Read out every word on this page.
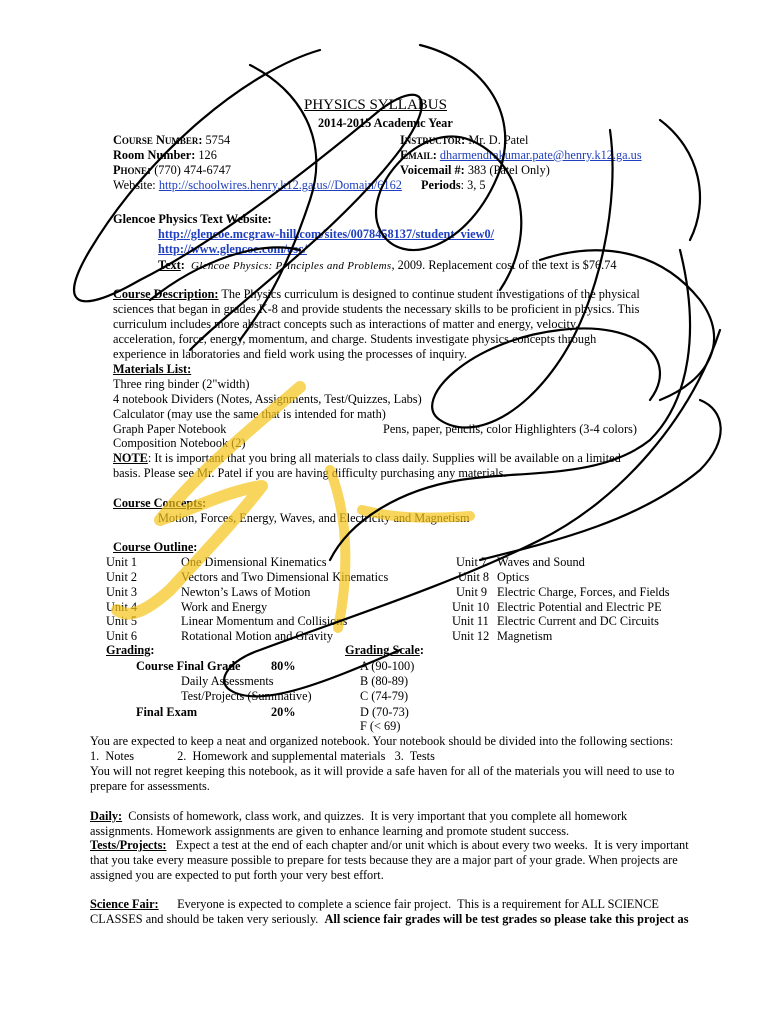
PHYSICS SYLLABUS
2014-2015 Academic Year
Course Number: 5754
Room Number: 126
Phone: (770) 474-6747
Website: http://schoolwires.henry.k12.ga.us//Domain/6162
Instructor: Mr. D. Patel
Email: dharmendrakumar.pate@henry.k12.ga.us
Voicemail #: 383 (Patel Only)
Periods: 3, 5
Glencoe Physics Text Website:
http://glencoe.mcgraw-hill.com/sites/0078458137/student_view0/
http://www.glencoe.com/osc/
Text: Glencoe Physics: Principles and Problems, 2009. Replacement cost of the text is $76.74
Course Description: The Physics curriculum is designed to continue student investigations of the physical
sciences that began in grades K-8 and provide students the necessary skills to be proficient in physics. This
curriculum includes more abstract concepts such as interactions of matter and energy, velocity,
acceleration, force, energy, momentum, and charge. Students investigate physics concepts through
experience in laboratories and field work using the processes of inquiry.
Materials List:
Three ring binder (2"width)
4 notebook Dividers (Notes, Assignments, Test/Quizzes, Labs)
Calculator (may use the same that is intended for math)
Graph Paper Notebook	Pens, paper, pencils, color Highlighters (3-4 colors)
Composition Notebook (2)
NOTE: It is important that you bring all materials to class daily. Supplies will be available on a limited
basis. Please see Mr. Patel if you are having difficulty purchasing any materials.
Course Concepts:
Motion, Forces, Energy, Waves, and Electricity and Magnetism
Course Outline:
Unit 1	One Dimensional Kinematics
Unit 2	Vectors and Two Dimensional Kinematics
Unit 3	Newton’s Laws of Motion
Unit 4	Work and Energy
Unit 5	Linear Momentum and Collisions
Unit 6	Rotational Motion and Gravity
Unit 7 Waves and Sound
Unit 8 Optics
Unit 9 Electric Charge, Forces, and Fields
Unit 10 Electric Potential and Electric PE
Unit 11 Electric Current and DC Circuits
Unit 12 Magnetism
Grading:
Course Final Grade 80%
Daily Assessments
Test/Projects (Summative)
Final Exam	20%
Grading Scale:
A (90-100)
B (80-89)
C (74-79)
D (70-73)
F (< 69)
You are expected to keep a neat and organized notebook. Your notebook should be divided into the following sections:
1.  Notes              2.  Homework and supplemental materials   3.  Tests
You will not regret keeping this notebook, as it will provide a safe haven for all of the materials you will need to use to
prepare for assessments.
Daily:  Consists of homework, class work, and quizzes.  It is very important that you complete all homework
assignments. Homework assignments are given to enhance learning and promote student success.
Tests/Projects:   Expect a test at the end of each chapter and/or unit which is about every two weeks.  It is very important
that you take every measure possible to prepare for tests because they are a major part of your grade. When projects are
assigned you are expected to put forth your very best effort.
Science Fair:      Everyone is expected to complete a science fair project.  This is a requirement for ALL SCIENCE
CLASSES and should be taken very seriously.  All science fair grades will be test grades so please take this project as
